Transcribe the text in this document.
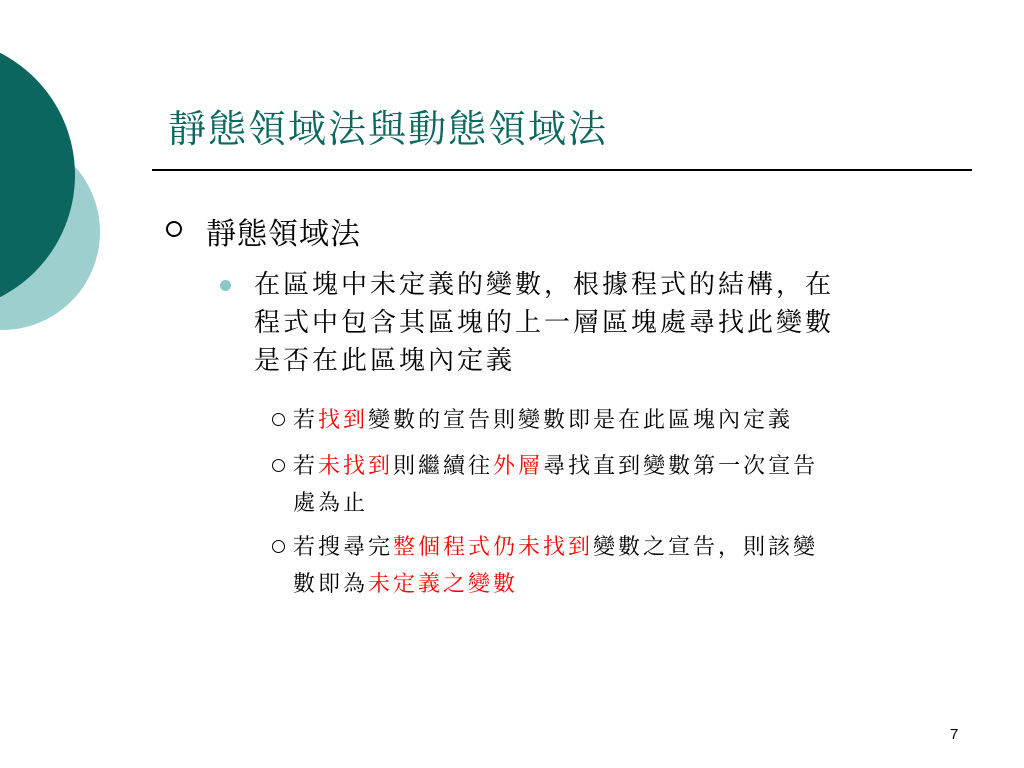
靜態領域法與動態領域法
靜態領域法
在區塊中未定義的變數，根據程式的結構，在
程式中包含其區塊的上一層區塊處尋找此變數
是否在此區塊內定義
若找到變數的宣告則變數即是在此區塊內定義
若未找到則繼續往外層尋找直到變數第一次宣告
處為止
若搜尋完整個程式仍未找到變數之宣告，則該變
數即為未定義之變數
7
